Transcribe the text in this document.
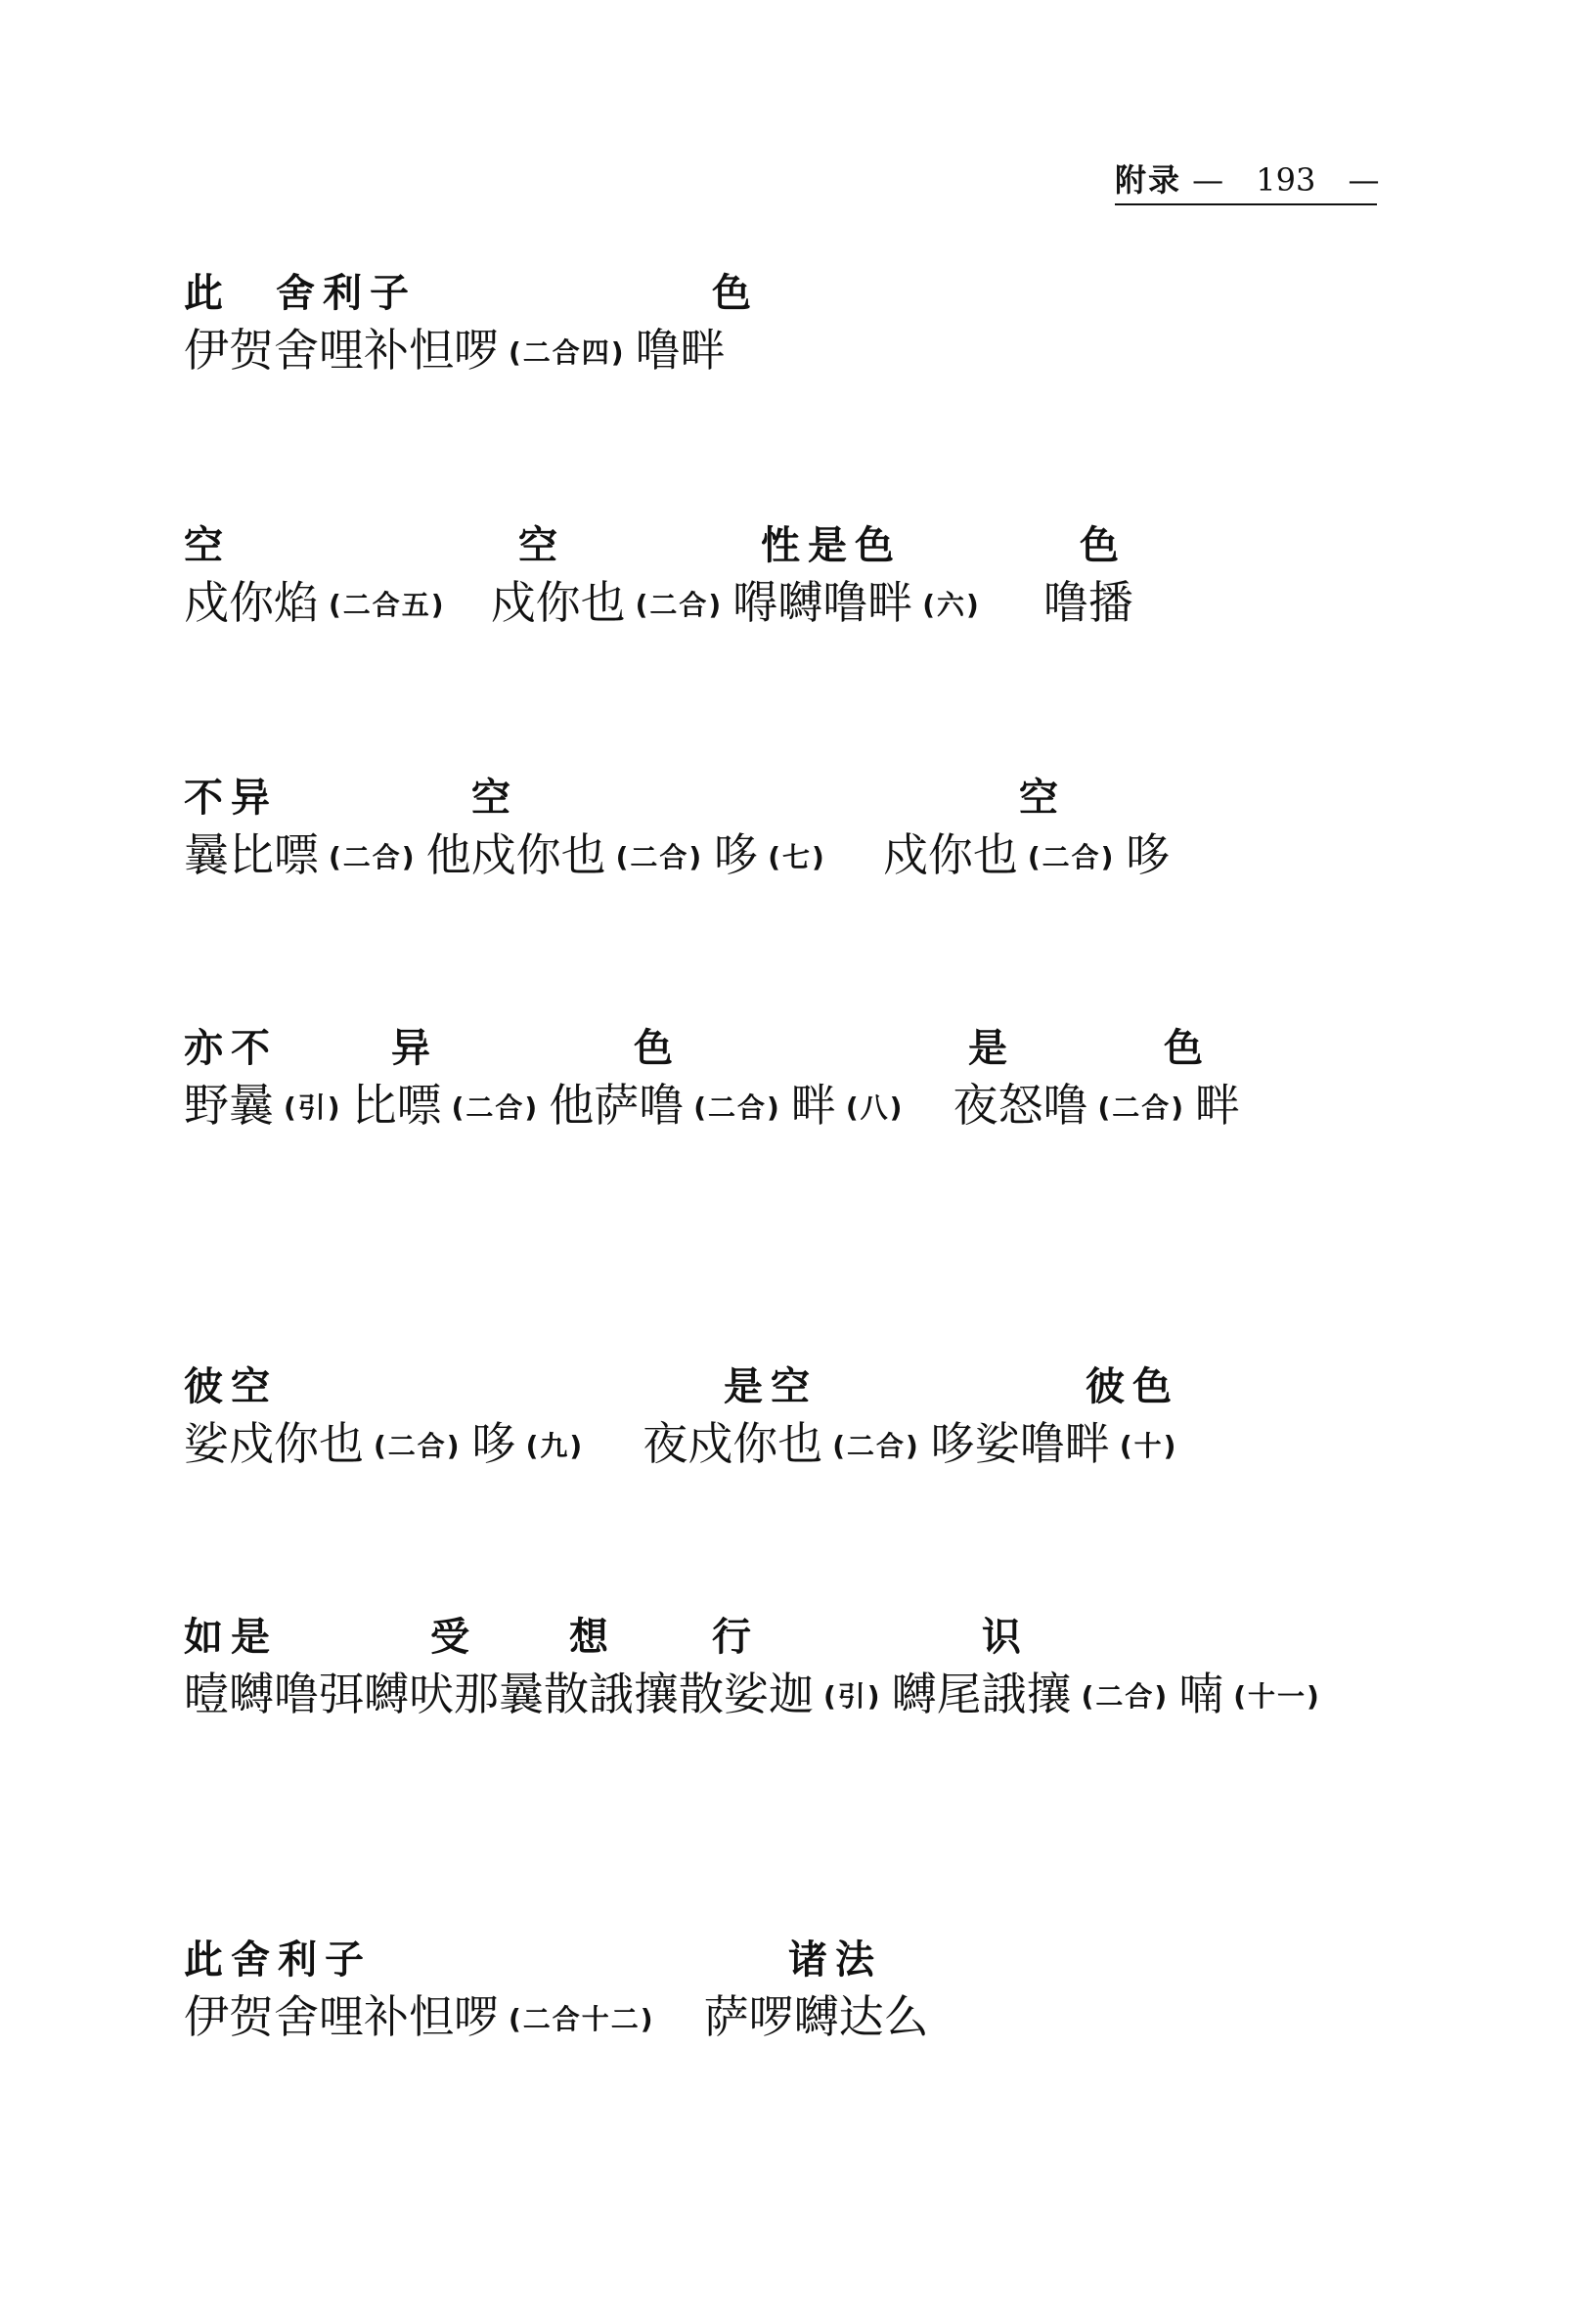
附录 — 193 —
此 舍利子	色
伊贺舍哩补怛啰 (二合四) 噜畔
空	空	性是色	色
戍你焰 (二合五) 戍你也 (二合) 嘚嚩噜畔 (六) 噜播
不异	空	空
曩比嘌 (二合) 他戍你也 (二合) 哆 (七) 戍你也 (二合) 哆
亦不	异	色	是	色
野曩 (引) 比嘌 (二合) 他萨噜 (二合) 畔 (八) 夜怒噜 (二合) 畔
彼空	是空	彼色
娑戍你也 (二合) 哆 (九) 夜戍你也 (二合) 哆娑噜畔 (十)
如是	受 想 行	识
曀嚩噜弭嚩吠那曩散誐攘散娑迦 (引) 嚩尾誐攘 (二合) 喃 (十一)
此舍利子	诸法
伊贺舍哩补怛啰 (二合十二) 萨啰嚩达么
